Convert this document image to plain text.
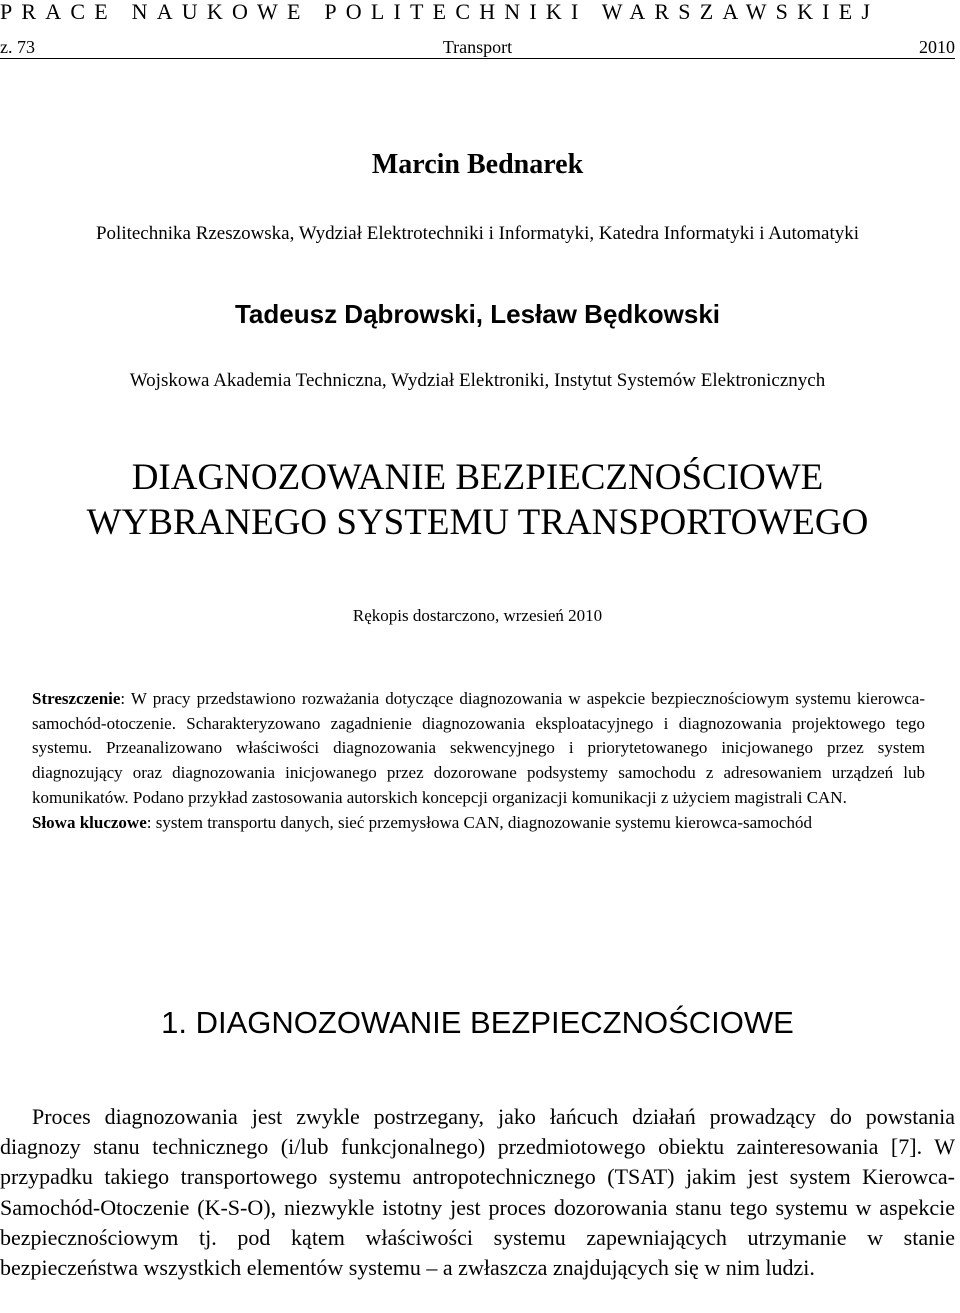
PRACE NAUKOWE POLITECHNIKI WARSZAWSKIEJ
z. 73	Transport	2010
Marcin Bednarek
Politechnika Rzeszowska, Wydział Elektrotechniki i Informatyki, Katedra Informatyki i Automatyki
Tadeusz Dąbrowski, Lesław Będkowski
Wojskowa Akademia Techniczna, Wydział Elektroniki, Instytut Systemów Elektronicznych
DIAGNOZOWANIE BEZPIECZNOŚCIOWE
WYBRANEGO SYSTEMU TRANSPORTOWEGO
Rękopis dostarczono, wrzesień 2010

Streszczenie: W pracy przedstawiono rozważania dotyczące diagnozowania w aspekcie bezpiecznościowym systemu kierowca-samochód-otoczenie. Scharakteryzowano zagadnienie diagnozowania eksploatacyjnego i diagnozowania projektowego tego systemu. Przeanalizowano właściwości diagnozowania sekwencyjnego i priorytetowanego inicjowanego przez system diagnozujący oraz diagnozowania inicjowanego przez dozorowane podsystemy samochodu z adresowaniem urządzeń lub komunikatów. Podano przykład zastosowania autorskich koncepcji organizacji komunikacji z użyciem magistrali CAN.

Słowa kluczowe: system transportu danych, sieć przemysłowa CAN, diagnozowanie systemu kierowca-samochód

1. DIAGNOZOWANIE BEZPIECZNOŚCIOWE

Proces diagnozowania jest zwykle postrzegany, jako łańcuch działań prowadzący do powstania diagnozy stanu technicznego (i/lub funkcjonalnego) przedmiotowego obiektu zainteresowania [7]. W przypadku takiego transportowego systemu antropotechnicznego (TSAT) jakim jest system Kierowca-Samochód-Otoczenie (K-S-O), niezwykle istotny jest proces dozorowania stanu tego systemu w aspekcie bezpiecznościowym tj. pod kątem właściwości systemu zapewniających utrzymanie w stanie bezpieczeństwa wszystkich elementów systemu – a zwłaszcza znajdujących się w nim ludzi.
